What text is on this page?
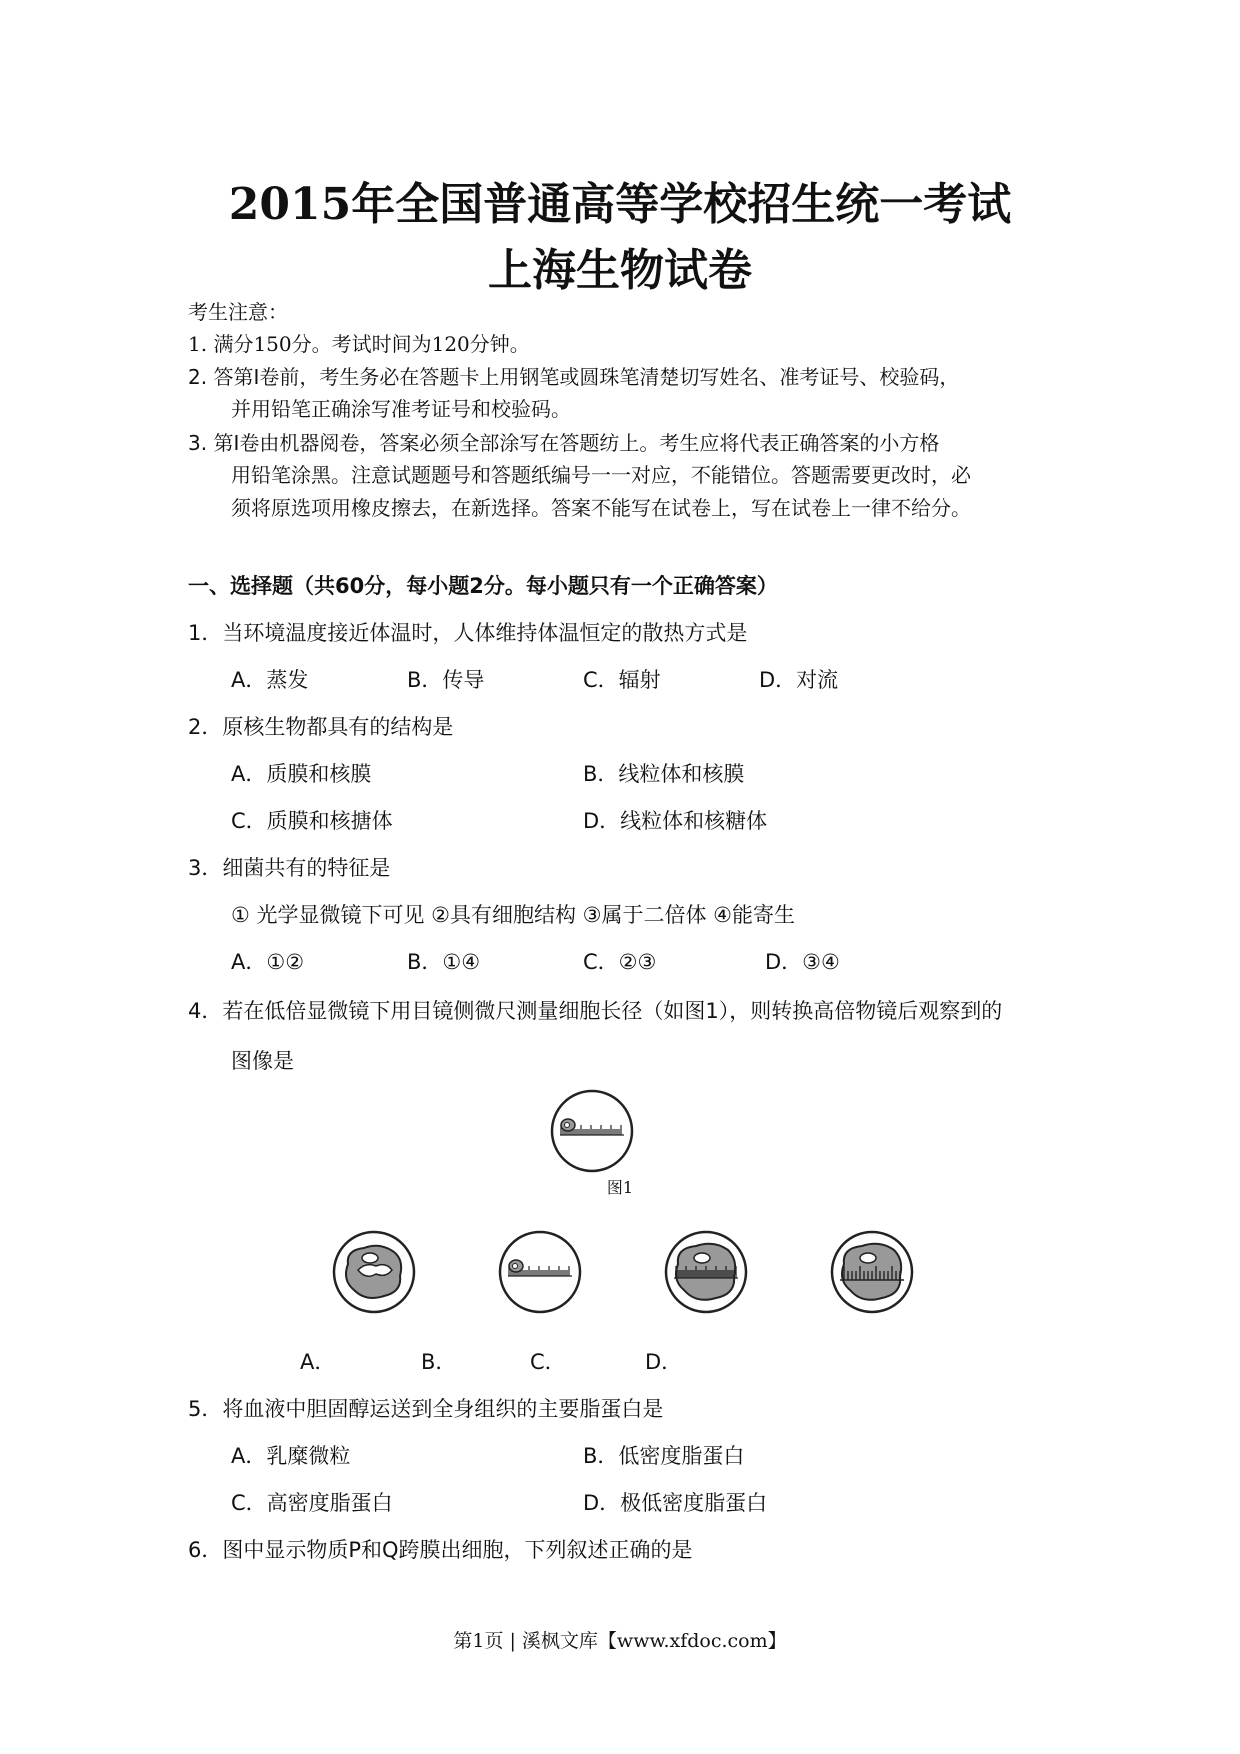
2015年全国普通高等学校招生统一考试
上海生物试卷
考生注意：
1. 满分150分。考试时间为120分钟。
2. 答第Ⅰ卷前，考生务必在答题卡上用钢笔或圆珠笔清楚切写姓名、准考证号、校验码，
并用铅笔正确涂写准考证号和校验码。
3. 第Ⅰ卷由机器阅卷，答案必须全部涂写在答题纺上。考生应将代表正确答案的小方格
用铅笔涂黑。注意试题题号和答题纸编号一一对应，不能错位。答题需要更改时，必
须将原选项用橡皮擦去，在新选择。答案不能写在试卷上，写在试卷上一律不给分。
一、选择题（共60分，每小题2分。每小题只有一个正确答案）
1．当环境温度接近体温时，人体维持体温恒定的散热方式是
A．蒸发	B．传导	C．辐射	D．对流
2．原核生物都具有的结构是
A．质膜和核膜	B．线粒体和核膜
C．质膜和核搪体	D．线粒体和核糖体
3．细菌共有的特征是
① 光学显微镜下可见 ②具有细胞结构 ③属于二倍体 ④能寄生
A．①②	B．①④	C．②③	D．③④
4．若在低倍显微镜下用目镜侧微尺测量细胞长径（如图1），则转换高倍物镜后观察到的
图像是
图1
A．	B．	C．	D．
5．将血液中胆固醇运送到全身组织的主要脂蛋白是
A．乳糜微粒	B．低密度脂蛋白
C．高密度脂蛋白	D．极低密度脂蛋白
6．图中显示物质P和Q跨膜出细胞，下列叙述正确的是
第1页 | 溪枫文库【www.xfdoc.com】
